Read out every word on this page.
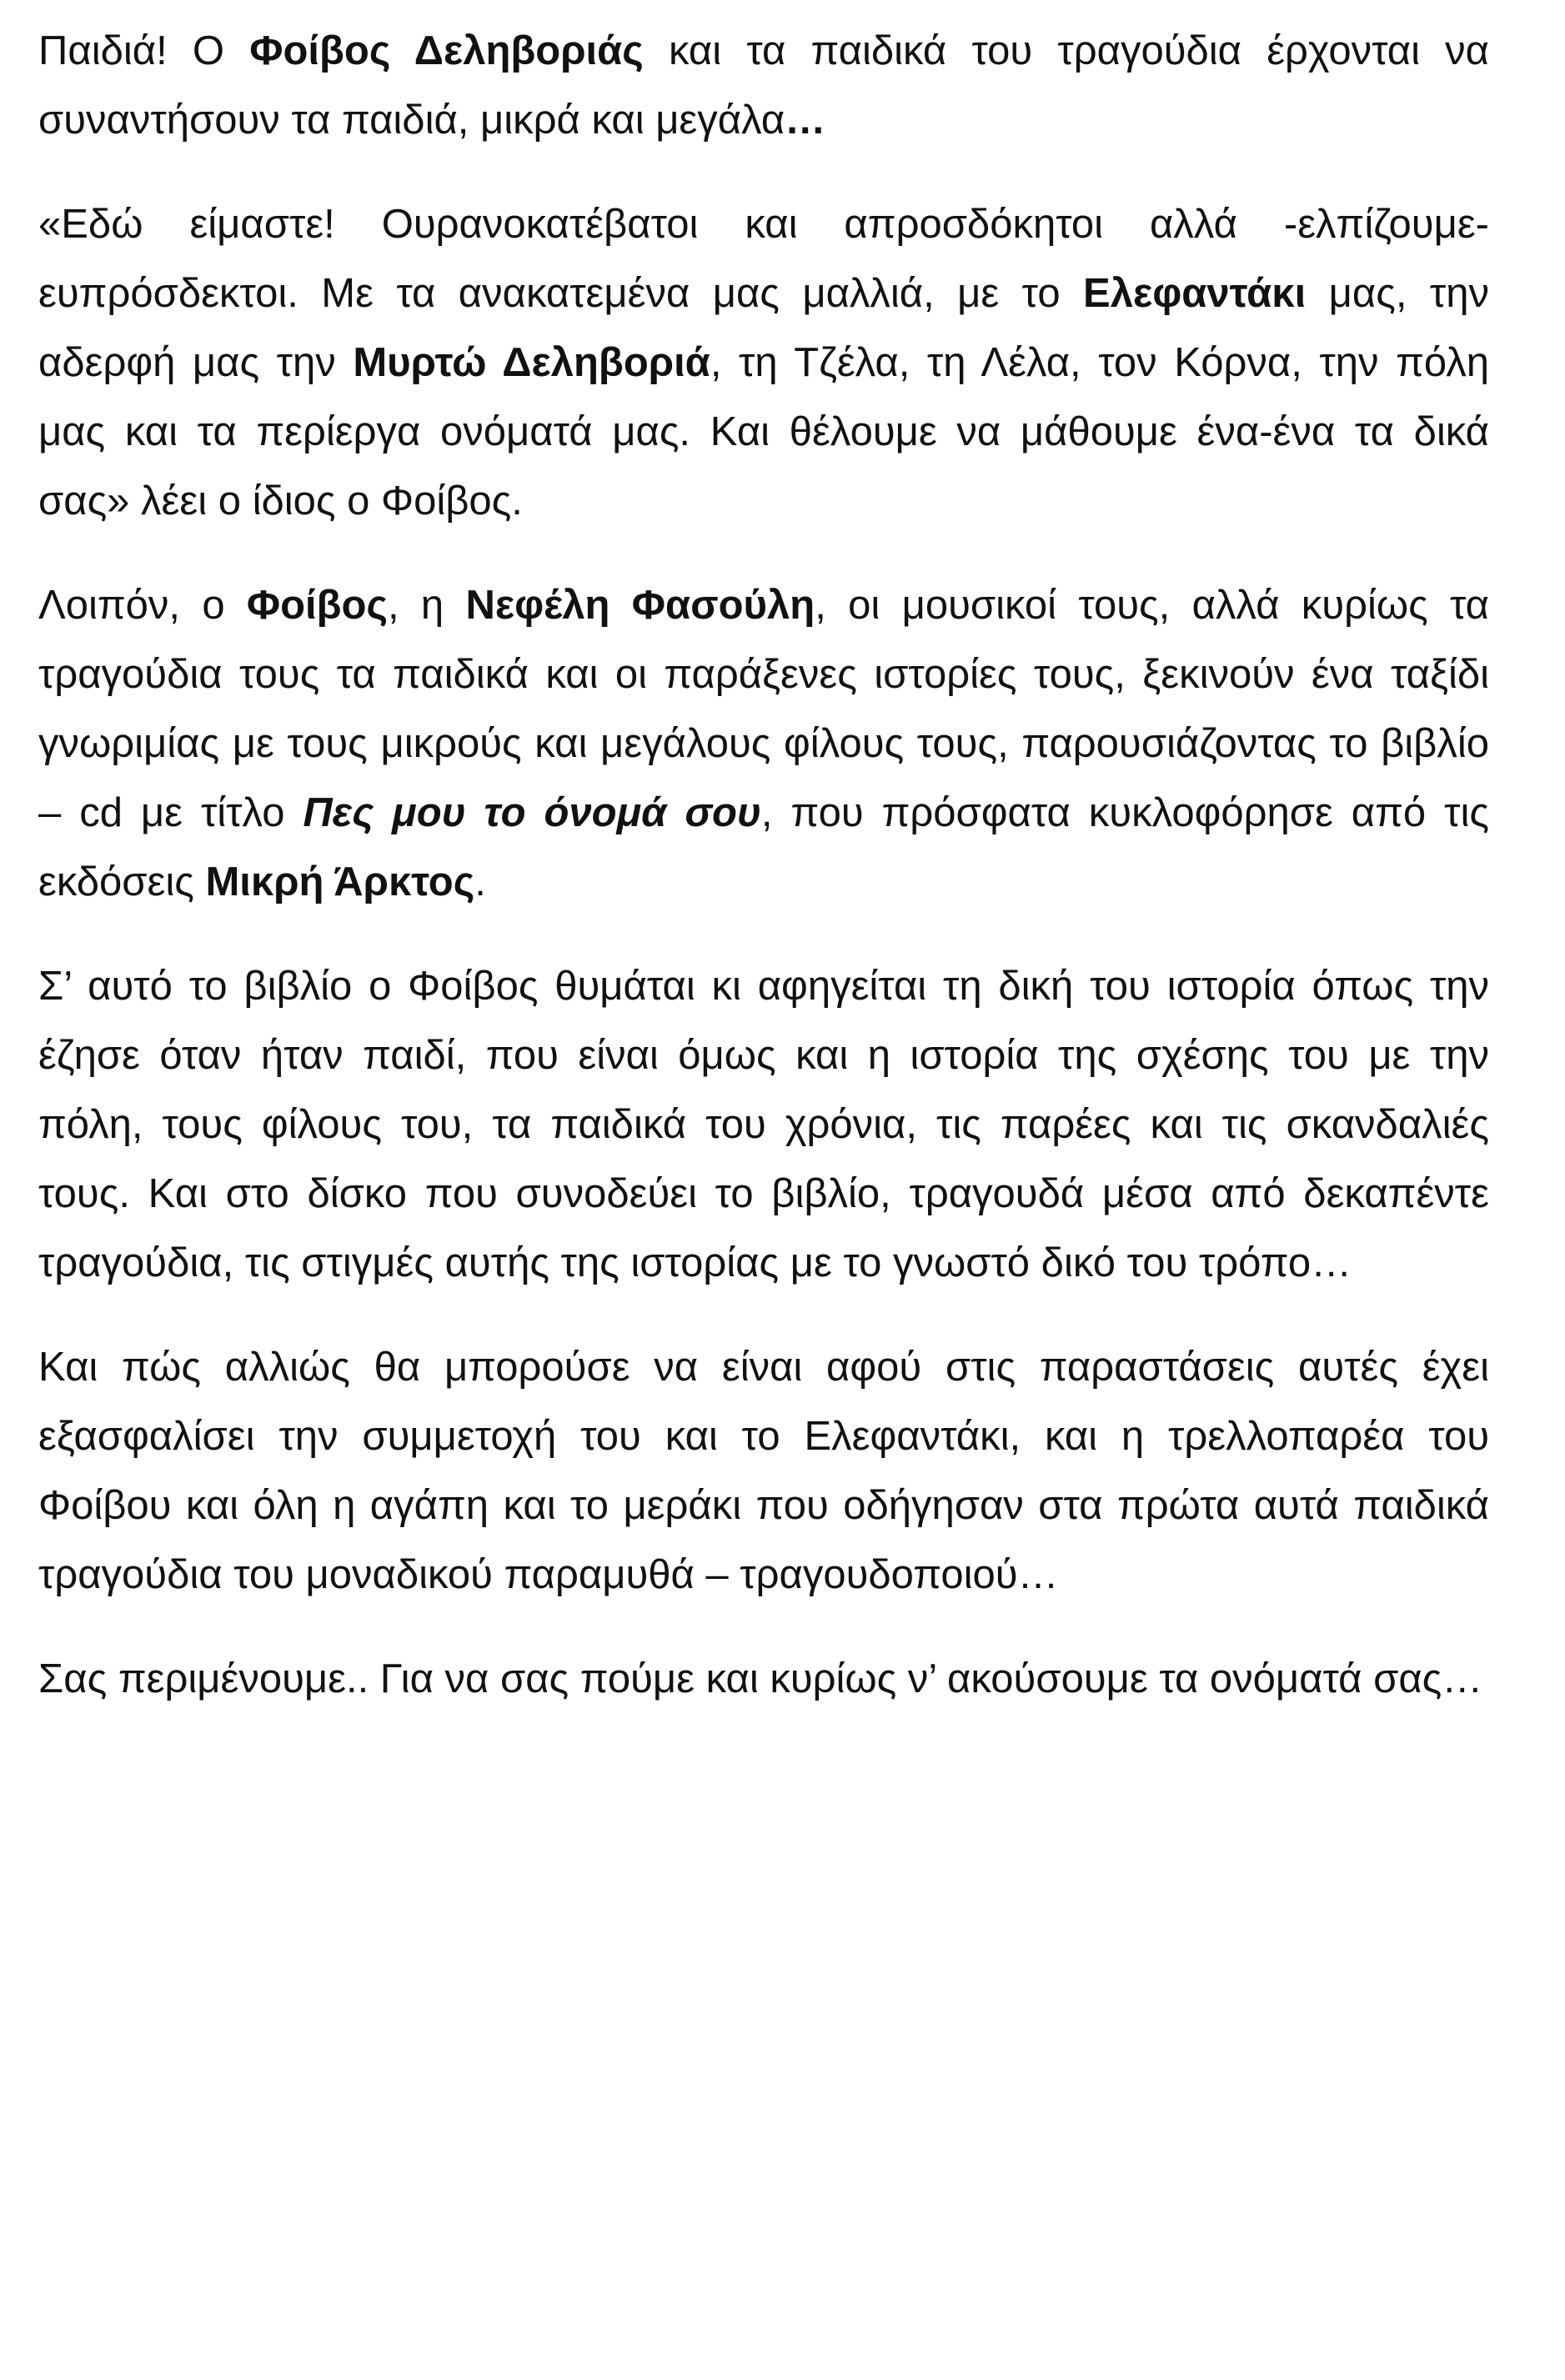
Παιδιά! Ο Φοίβος Δεληβοριάς και τα παιδικά του τραγούδια έρχονται να συναντήσουν τα παιδιά, μικρά και μεγάλα…

«Εδώ είμαστε! Ουρανοκατέβατοι και απροσδόκητοι αλλά -ελπίζουμε- ευπρόσδεκτοι. Με τα ανακατεμένα μας μαλλιά, με το Ελεφαντάκι μας, την αδερφή μας την Μυρτώ Δεληβοριά, τη Τζέλα, τη Λέλα, τον Κόρνα, την πόλη μας και τα περίεργα ονόματά μας. Και θέλουμε να μάθουμε ένα-ένα τα δικά σας» λέει ο ίδιος ο Φοίβος.

Λοιπόν, ο Φοίβος, η Νεφέλη Φασούλη, οι μουσικοί τους, αλλά κυρίως τα τραγούδια τους τα παιδικά και οι παράξενες ιστορίες τους, ξεκινούν ένα ταξίδι γνωριμίας με τους μικρούς και μεγάλους φίλους τους, παρουσιάζοντας το βιβλίο – cd με τίτλο Πες μου το όνομά σου, που πρόσφατα κυκλοφόρησε από τις εκδόσεις Μικρή Άρκτος.

Σ’ αυτό το βιβλίο ο Φοίβος θυμάται κι αφηγείται τη δική του ιστορία όπως την έζησε όταν ήταν παιδί, που είναι όμως και η ιστορία της σχέσης του με την πόλη, τους φίλους του, τα παιδικά του χρόνια, τις παρέες και τις σκανδαλιές τους. Και στο δίσκο που συνοδεύει το βιβλίο, τραγουδά μέσα από δεκαπέντε τραγούδια, τις στιγμές αυτής της ιστορίας με το γνωστό δικό του τρόπο…

Και πώς αλλιώς θα μπορούσε να είναι αφού στις παραστάσεις αυτές έχει εξασφαλίσει την συμμετοχή του και το Ελεφαντάκι, και η τρελλοπαρέα του Φοίβου και όλη η αγάπη και το μεράκι που οδήγησαν στα πρώτα αυτά παιδικά τραγούδια του μοναδικού παραμυθά – τραγουδοποιού…

Σας περιμένουμε.. Για να σας πούμε και κυρίως ν’ ακούσουμε τα ονόματά σας…
